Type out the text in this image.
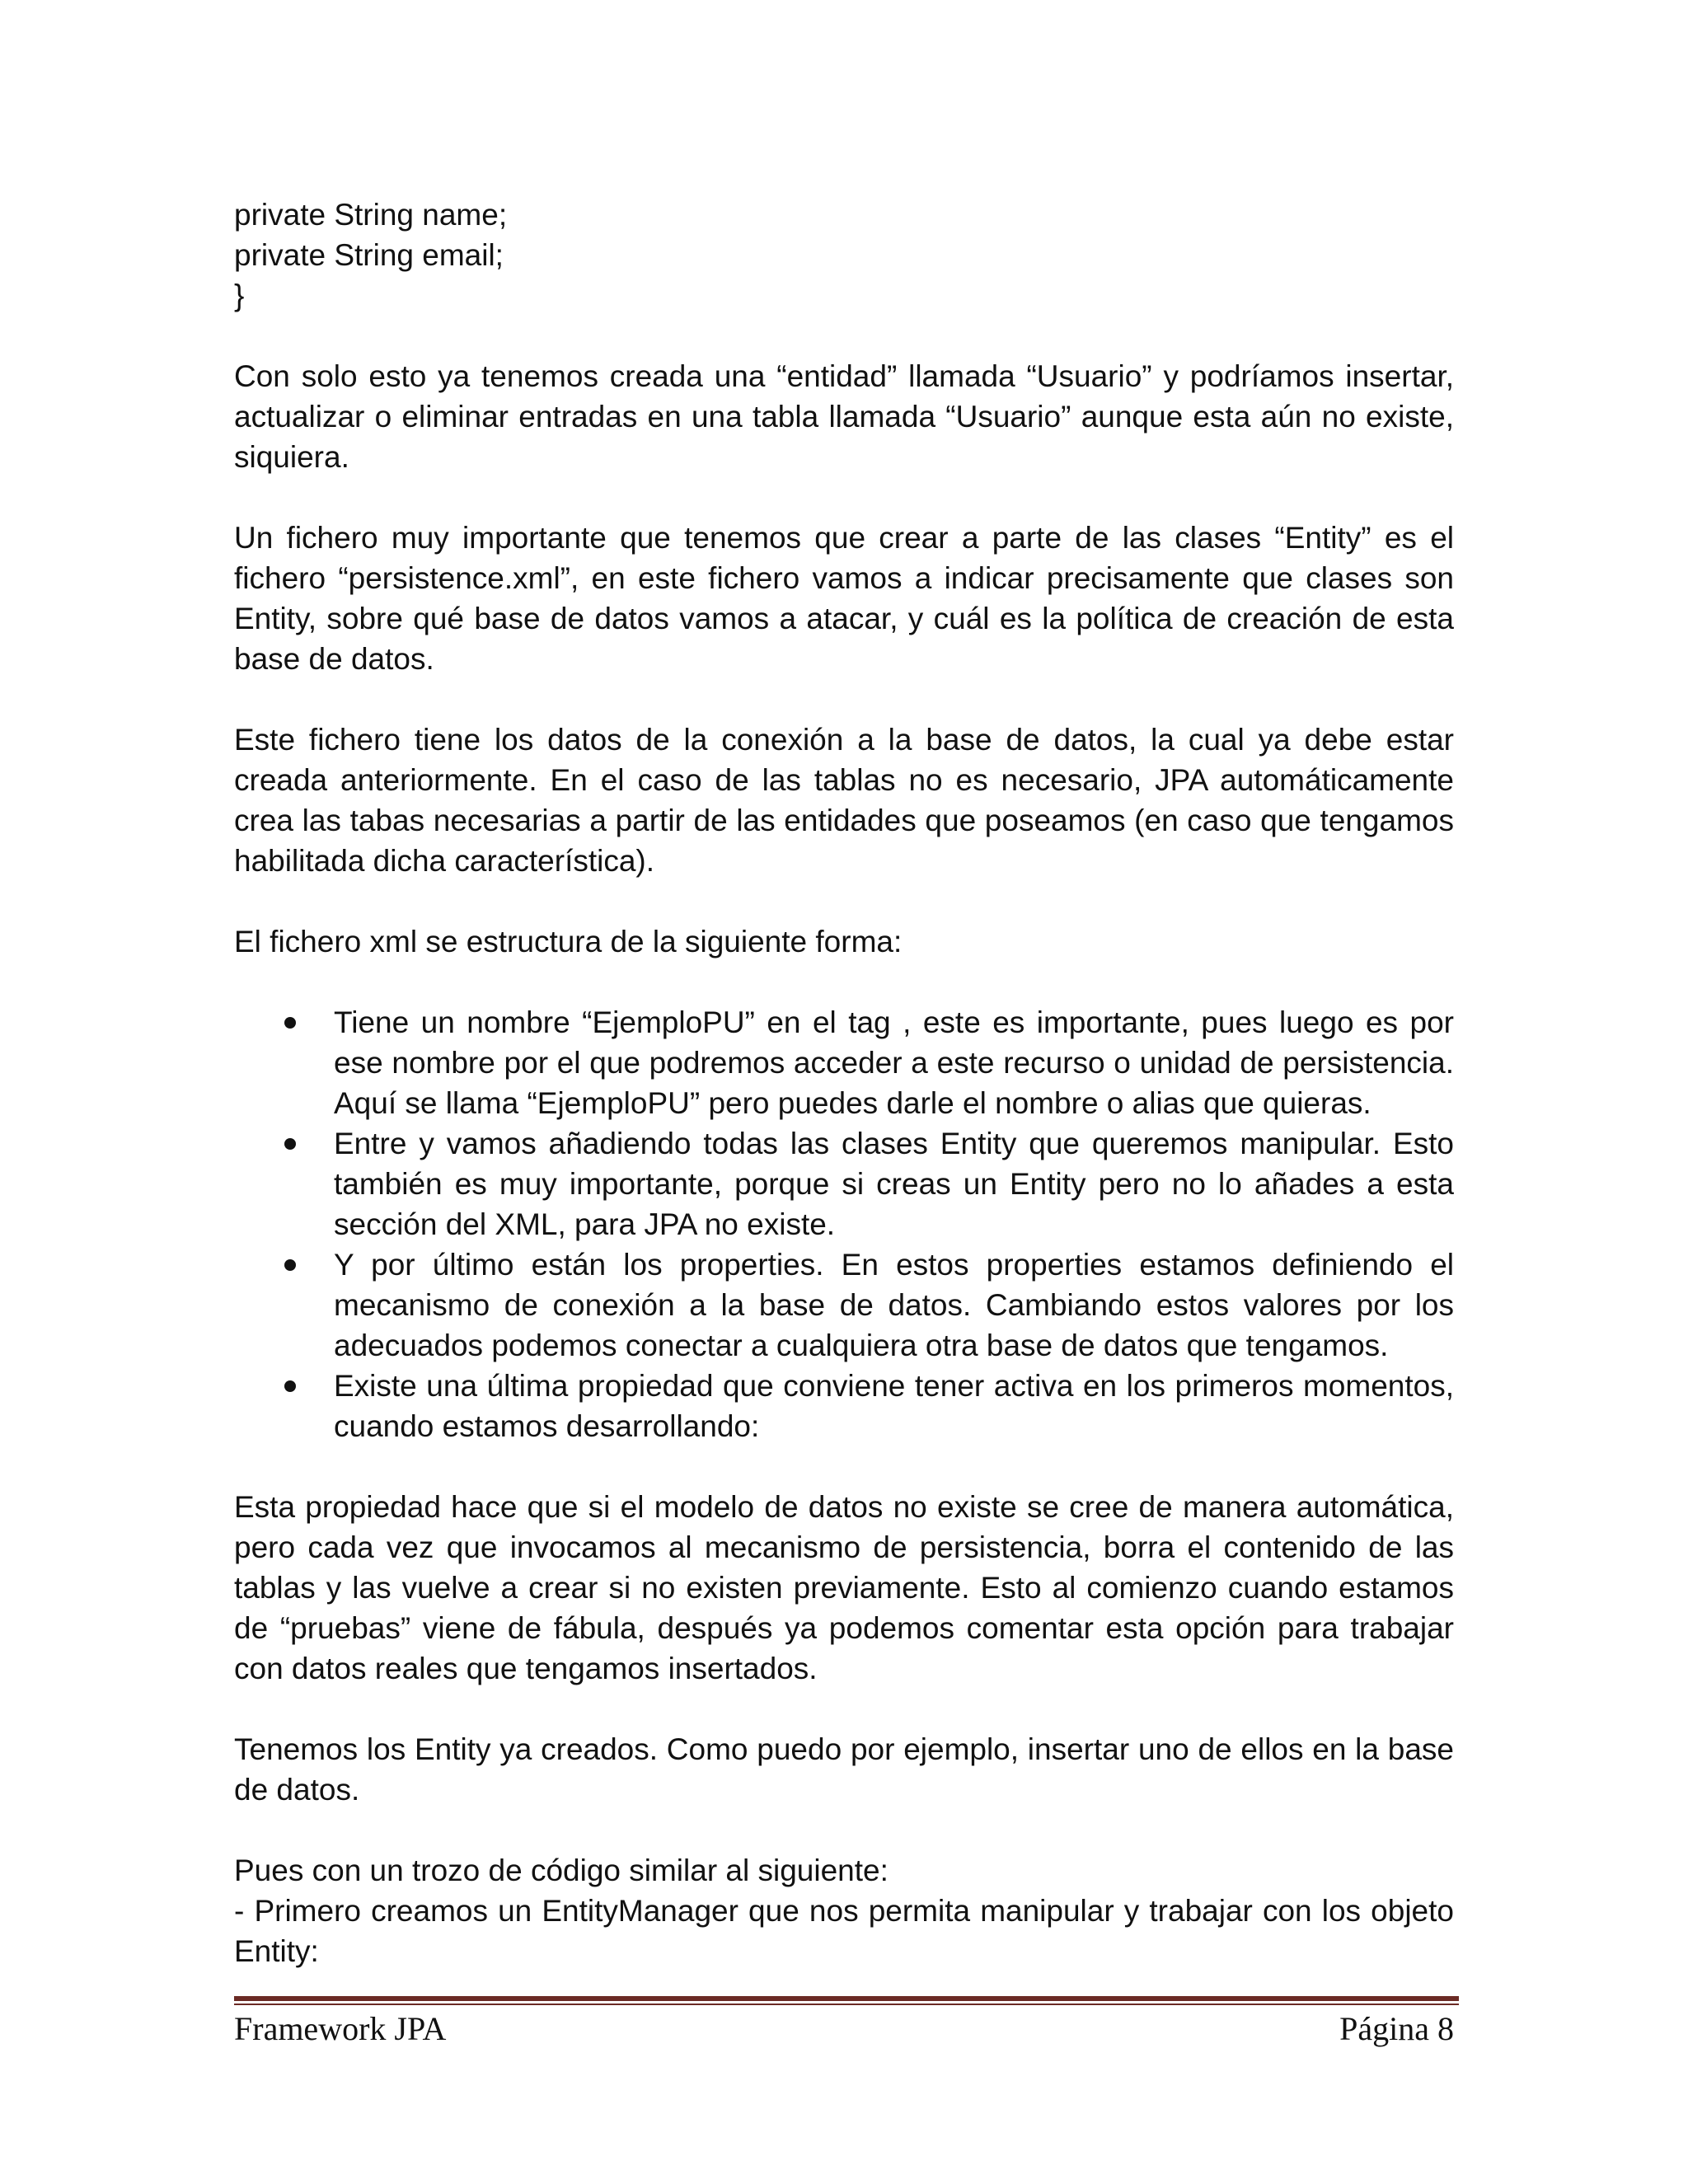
private String name;

private String email;

}

Con solo esto ya tenemos creada una “entidad” llamada “Usuario” y podríamos insertar, actualizar o eliminar entradas en una tabla llamada “Usuario” aunque esta aún no existe, siquiera.

Un fichero muy importante que tenemos que crear a parte de las clases “Entity” es el fichero “persistence.xml”, en este fichero vamos a indicar precisamente que clases son Entity, sobre qué base de datos vamos a atacar, y cuál es la política de creación de esta base de datos.

Este fichero tiene los datos de la conexión a la base de datos, la cual ya debe estar creada anteriormente. En el caso de las tablas no es necesario, JPA automáticamente crea las tabas necesarias a partir de las entidades que poseamos (en caso que tengamos habilitada dicha característica).

El fichero xml se estructura de la siguiente forma:

Tiene un nombre “EjemploPU” en el tag , este es importante, pues luego es por ese nombre por el que podremos acceder a este recurso o unidad de persistencia. Aquí se llama “EjemploPU” pero puedes darle el nombre o alias que quieras.
Entre y vamos añadiendo todas las clases Entity que queremos manipular. Esto también es muy importante, porque si creas un Entity pero no lo añades a esta sección del XML, para JPA no existe.
Y por último están los properties. En estos properties estamos definiendo el mecanismo de conexión a la base de datos. Cambiando estos valores por los adecuados podemos conectar a cualquiera otra base de datos que tengamos.
Existe una última propiedad que conviene tener activa en los primeros momentos, cuando estamos desarrollando:

Esta propiedad hace que si el modelo de datos no existe se cree de manera automática, pero cada vez que invocamos al mecanismo de persistencia, borra el contenido de las tablas y las vuelve a crear si no existen previamente. Esto al comienzo cuando estamos de “pruebas” viene de fábula, después ya podemos comentar esta opción para trabajar con datos reales que tengamos insertados.

Tenemos los Entity ya creados. Como puedo por ejemplo, insertar uno de ellos en la base de datos.

Pues con un trozo de código similar al siguiente:

- Primero creamos un EntityManager que nos permita manipular y trabajar con los objeto Entity:

Framework JPA	Página 8
